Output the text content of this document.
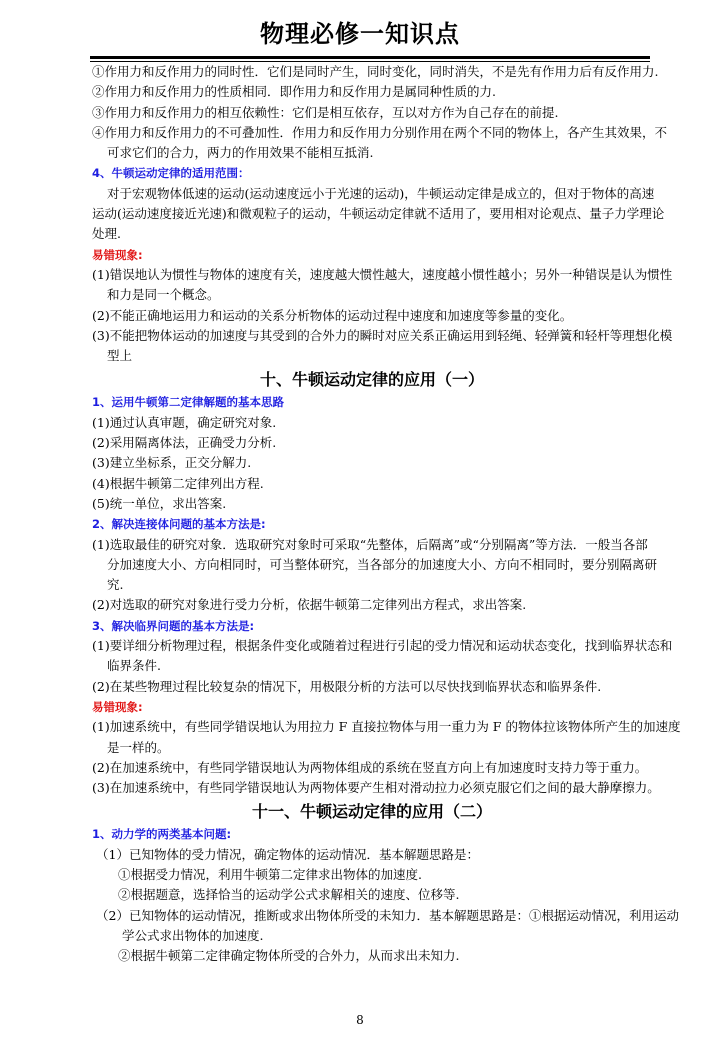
物理必修一知识点

①作用力和反作用力的同时性．它们是同时产生，同时变化，同时消失，不是先有作用力后有反作用力.

②作用力和反作用力的性质相同．即作用力和反作用力是属同种性质的力.

③作用力和反作用力的相互依赖性：它们是相互依存，互以对方作为自己存在的前提.

④作用力和反作用力的不可叠加性．作用力和反作用力分别作用在两个不同的物体上，各产生其效果，不

可求它们的合力，两力的作用效果不能相互抵消.

4、牛顿运动定律的适用范围：

对于宏观物体低速的运动(运动速度远小于光速的运动)，牛顿运动定律是成立的，但对于物体的高速

运动(运动速度接近光速)和微观粒子的运动，牛顿运动定律就不适用了，要用相对论观点、量子力学理论

处理.

易错现象:

(1)错误地认为惯性与物体的速度有关，速度越大惯性越大，速度越小惯性越小；另外一种错误是认为惯性

和力是同一个概念。

(2)不能正确地运用力和运动的关系分析物体的运动过程中速度和加速度等参量的变化。

(3)不能把物体运动的加速度与其受到的合外力的瞬时对应关系正确运用到轻绳、轻弹簧和轻杆等理想化模

型上

十、牛顿运动定律的应用（一）

1、运用牛顿第二定律解题的基本思路

(1)通过认真审题，确定研究对象.

(2)采用隔离体法，正确受力分析.

(3)建立坐标系，正交分解力.

(4)根据牛顿第二定律列出方程.

(5)统一单位，求出答案.

2、解决连接体问题的基本方法是:

(1)选取最佳的研究对象．选取研究对象时可采取“先整体，后隔离”或“分别隔离”等方法．一般当各部

分加速度大小、方向相同时，可当整体研究，当各部分的加速度大小、方向不相同时，要分别隔离研

究.

(2)对选取的研究对象进行受力分析，依据牛顿第二定律列出方程式，求出答案.

3、解决临界问题的基本方法是:

(1)要详细分析物理过程，根据条件变化或随着过程进行引起的受力情况和运动状态变化，找到临界状态和

临界条件.

(2)在某些物理过程比较复杂的情况下，用极限分析的方法可以尽快找到临界状态和临界条件.

易错现象:

(1)加速系统中，有些同学错误地认为用拉力 F 直接拉物体与用一重力为 F 的物体拉该物体所产生的加速度

是一样的。

(2)在加速系统中，有些同学错误地认为两物体组成的系统在竖直方向上有加速度时支持力等于重力。

(3)在加速系统中，有些同学错误地认为两物体要产生相对滑动拉力必须克服它们之间的最大静摩擦力。

十一、牛顿运动定律的应用（二）

1、动力学的两类基本问题:

（1）已知物体的受力情况，确定物体的运动情况．基本解题思路是：

①根据受力情况，利用牛顿第二定律求出物体的加速度.

②根据题意，选择恰当的运动学公式求解相关的速度、位移等.

（2）已知物体的运动情况，推断或求出物体所受的未知力．基本解题思路是：①根据运动情况，利用运动

学公式求出物体的加速度.

②根据牛顿第二定律确定物体所受的合外力，从而求出未知力.

8
